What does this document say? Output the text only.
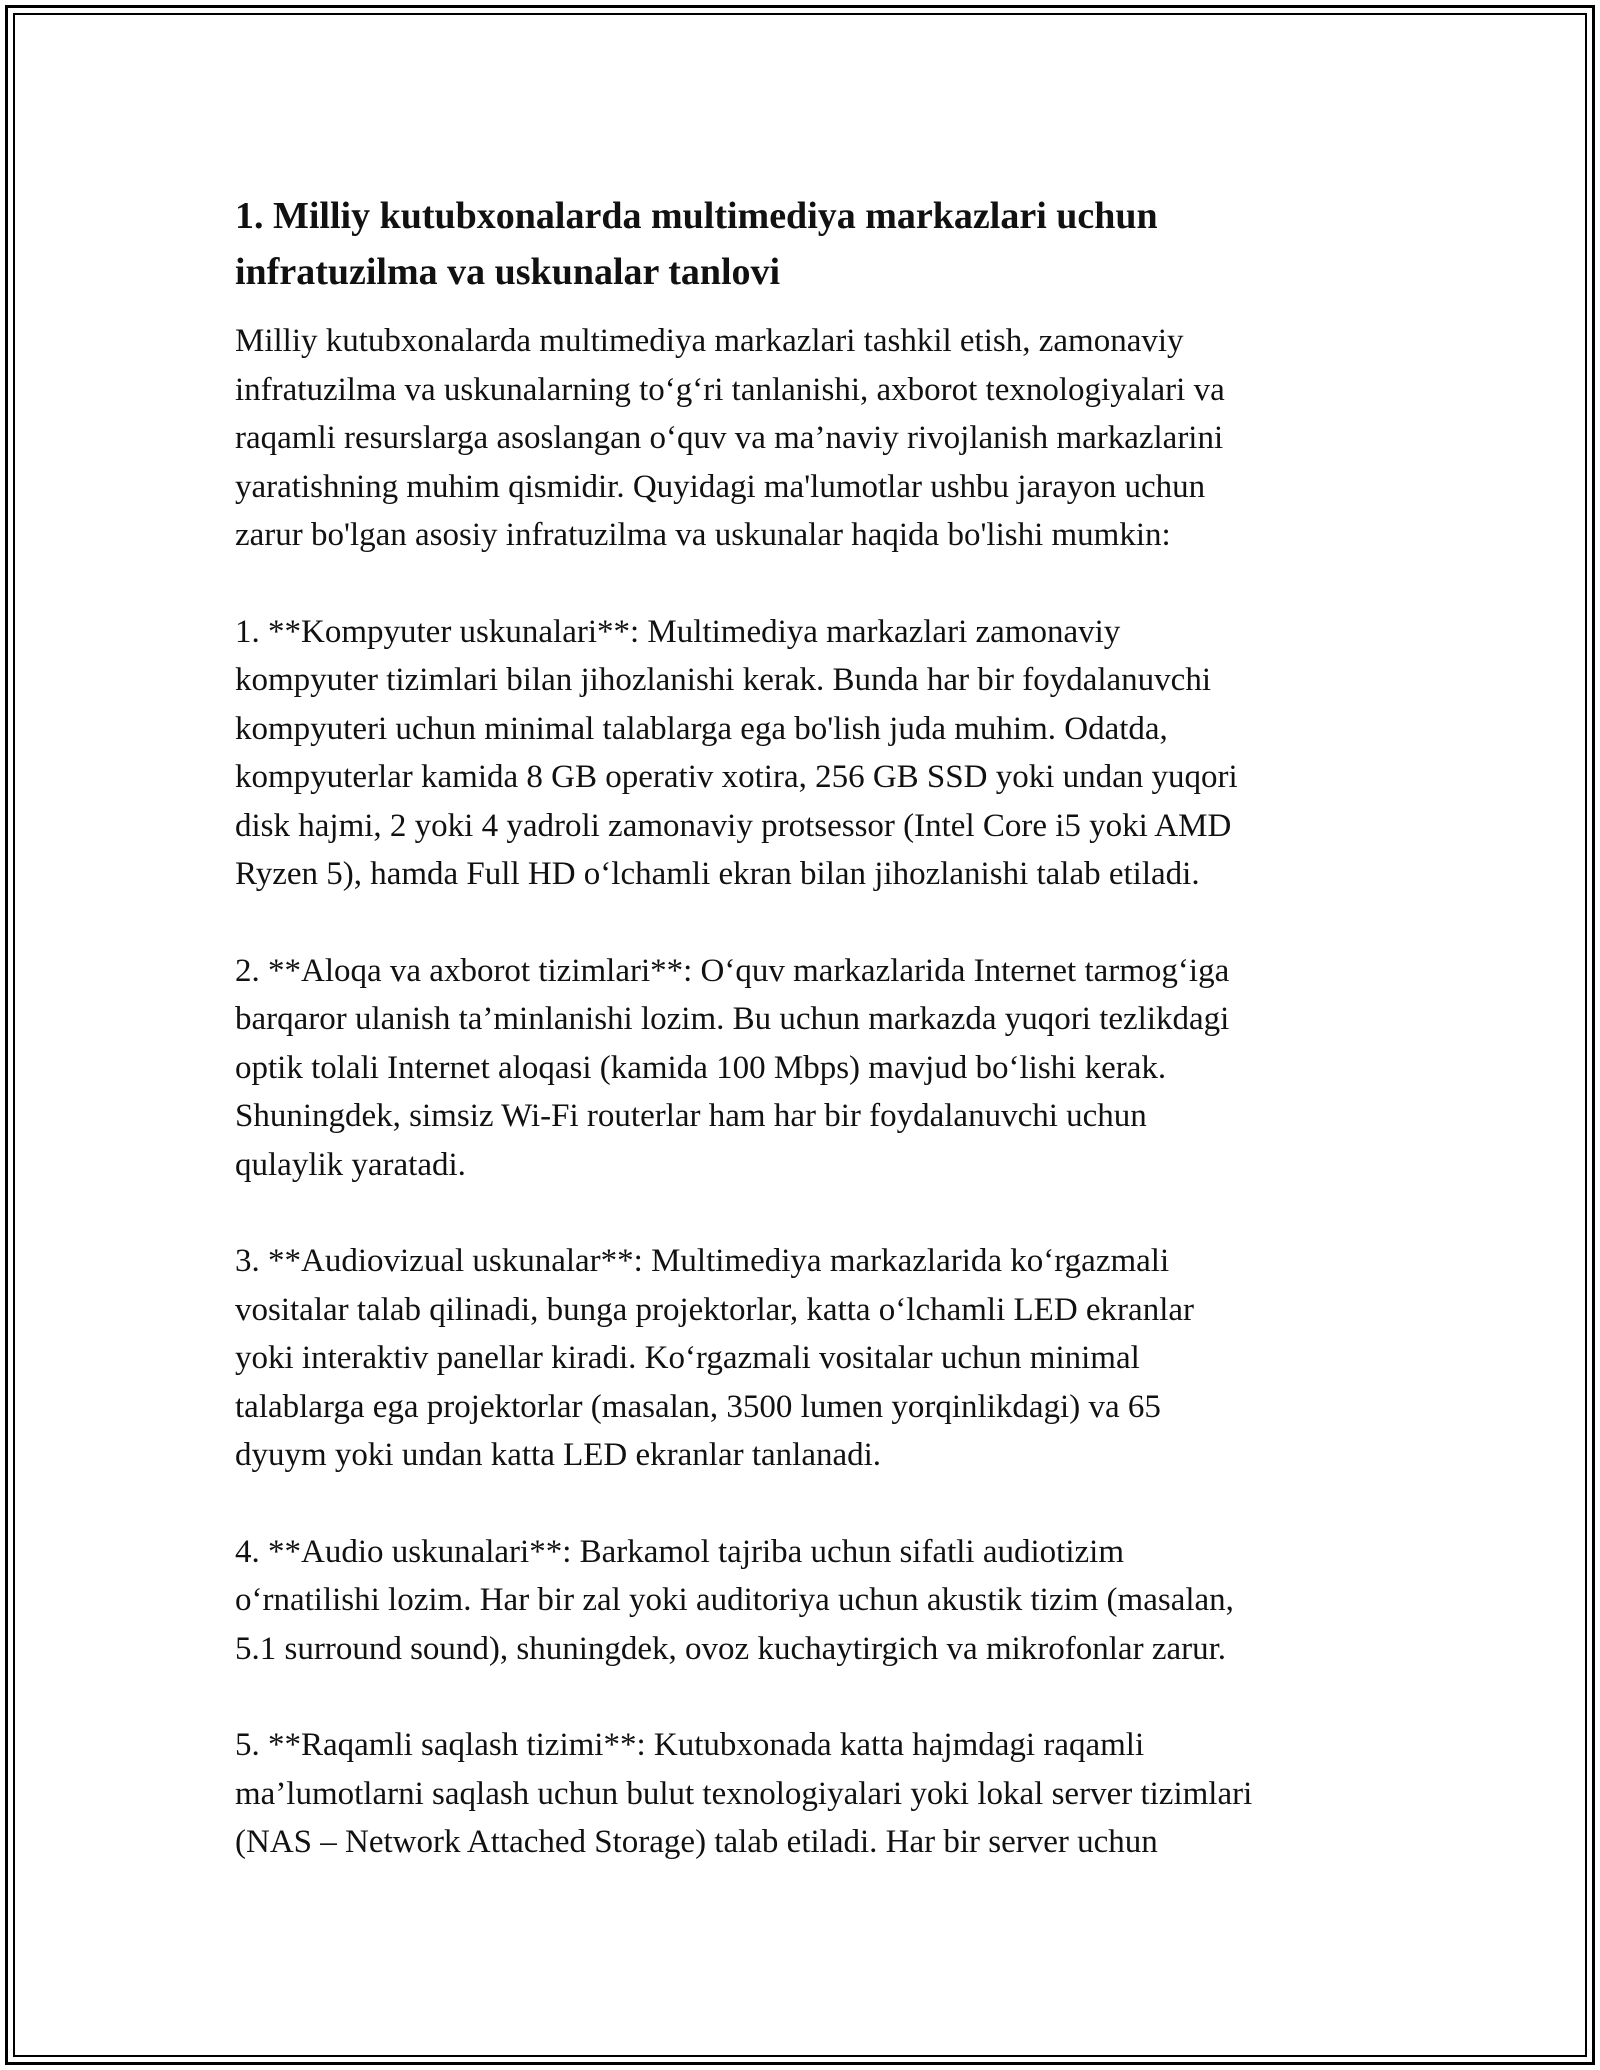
1. Milliy kutubxonalarda multimediya markazlari uchun
infratuzilma va uskunalar tanlovi

Milliy kutubxonalarda multimediya markazlari tashkil etish, zamonaviy
infratuzilma va uskunalarning to‘g‘ri tanlanishi, axborot texnologiyalari va
raqamli resurslarga asoslangan o‘quv va ma’naviy rivojlanish markazlarini
yaratishning muhim qismidir. Quyidagi ma'lumotlar ushbu jarayon uchun
zarur bo'lgan asosiy infratuzilma va uskunalar haqida bo'lishi mumkin:

1. **Kompyuter uskunalari**: Multimediya markazlari zamonaviy
kompyuter tizimlari bilan jihozlanishi kerak. Bunda har bir foydalanuvchi
kompyuteri uchun minimal talablarga ega bo'lish juda muhim. Odatda,
kompyuterlar kamida 8 GB operativ xotira, 256 GB SSD yoki undan yuqori
disk hajmi, 2 yoki 4 yadroli zamonaviy protsessor (Intel Core i5 yoki AMD
Ryzen 5), hamda Full HD o‘lchamli ekran bilan jihozlanishi talab etiladi.

2. **Aloqa va axborot tizimlari**: O‘quv markazlarida Internet tarmog‘iga
barqaror ulanish ta’minlanishi lozim. Bu uchun markazda yuqori tezlikdagi
optik tolali Internet aloqasi (kamida 100 Mbps) mavjud bo‘lishi kerak.
Shuningdek, simsiz Wi-Fi routerlar ham har bir foydalanuvchi uchun
qulaylik yaratadi.

3. **Audiovizual uskunalar**: Multimediya markazlarida ko‘rgazmali
vositalar talab qilinadi, bunga projektorlar, katta o‘lchamli LED ekranlar
yoki interaktiv panellar kiradi. Ko‘rgazmali vositalar uchun minimal
talablarga ega projektorlar (masalan, 3500 lumen yorqinlikdagi) va 65
dyuym yoki undan katta LED ekranlar tanlanadi.

4. **Audio uskunalari**: Barkamol tajriba uchun sifatli audiotizim
o‘rnatilishi lozim. Har bir zal yoki auditoriya uchun akustik tizim (masalan,
5.1 surround sound), shuningdek, ovoz kuchaytirgich va mikrofonlar zarur.

5. **Raqamli saqlash tizimi**: Kutubxonada katta hajmdagi raqamli
ma’lumotlarni saqlash uchun bulut texnologiyalari yoki lokal server tizimlari
(NAS – Network Attached Storage) talab etiladi. Har bir server uchun
